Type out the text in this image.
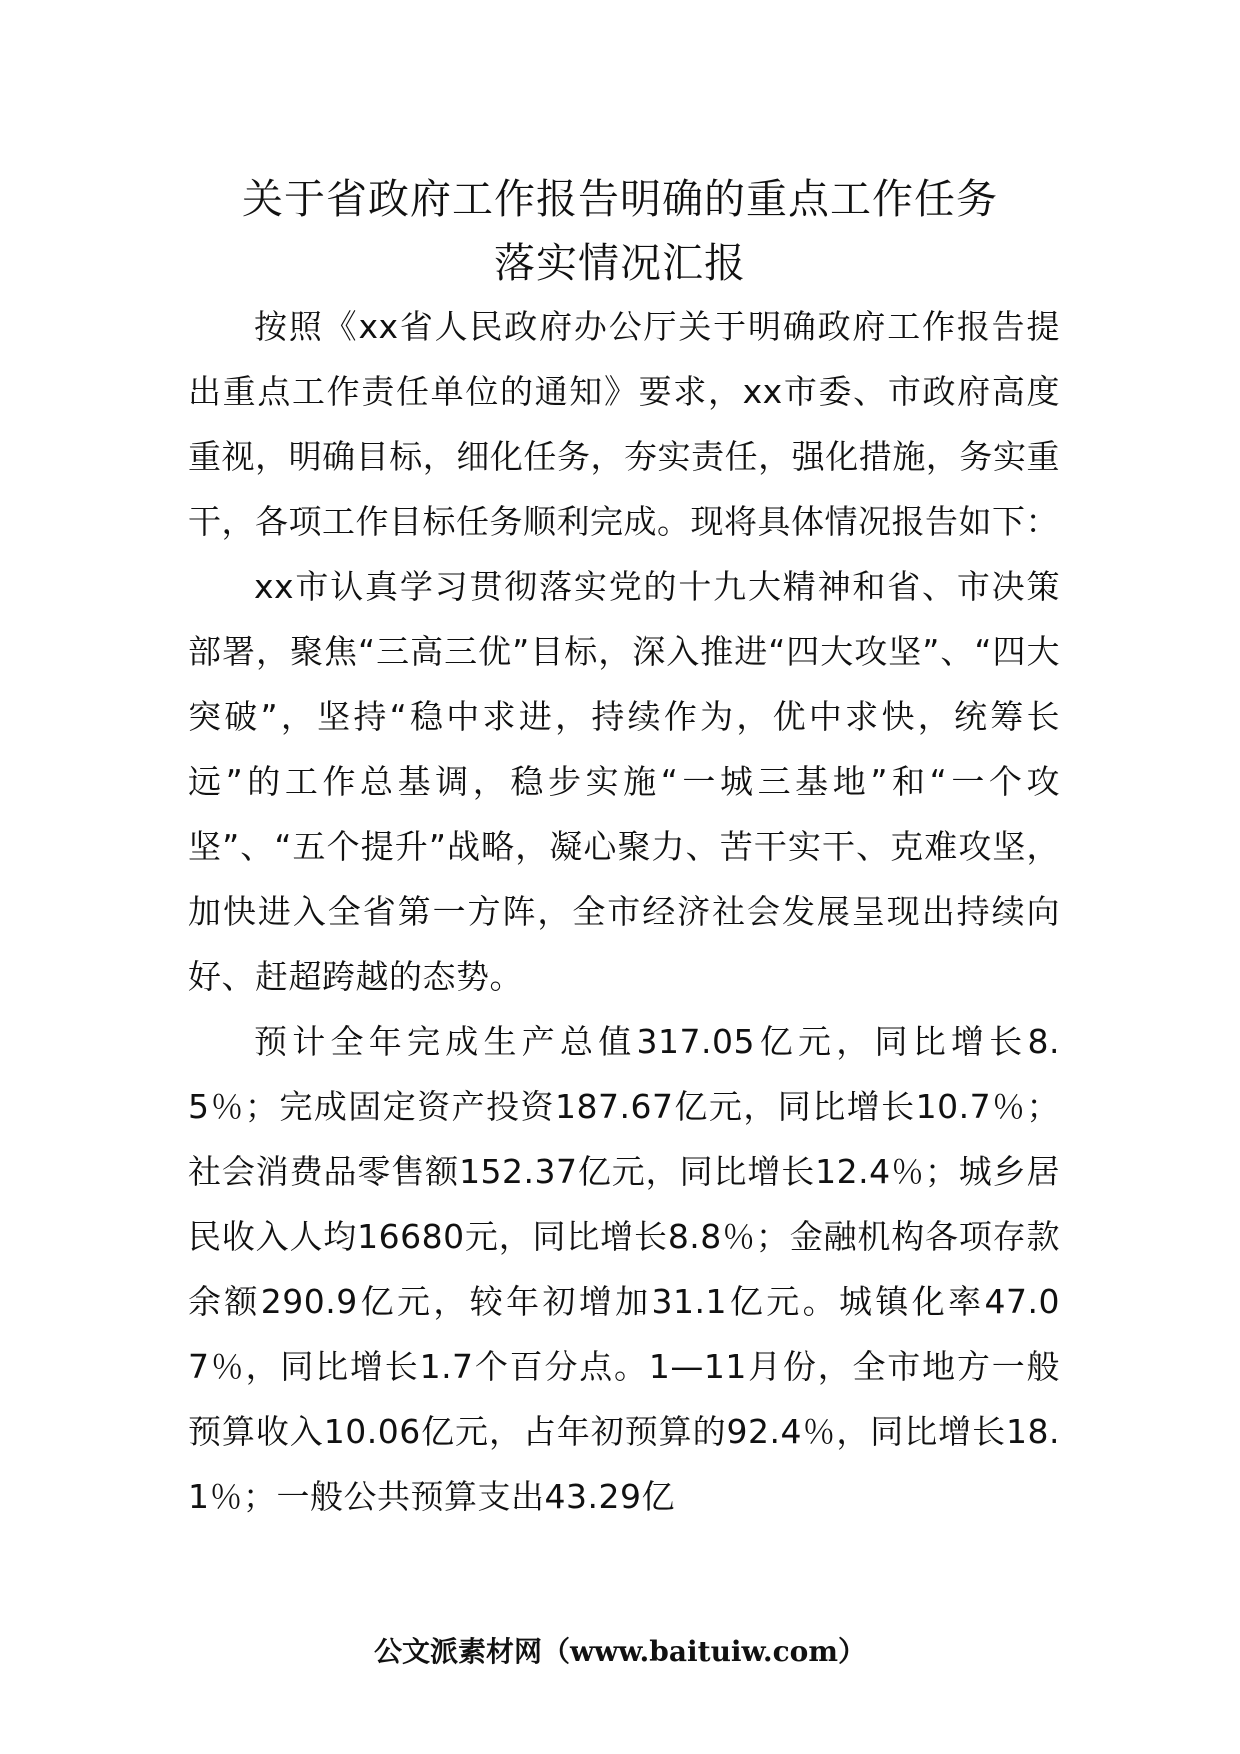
关于省政府工作报告明确的重点工作任务
落实情况汇报

按照《xx省人民政府办公厅关于明确政府工作报告提出重点工作责任单位的通知》要求，xx市委、市政府高度重视，明确目标，细化任务，夯实责任，强化措施，务实重干，各项工作目标任务顺利完成。现将具体情况报告如下：

xx市认真学习贯彻落实党的十九大精神和省、市决策部署，聚焦“三高三优”目标，深入推进“四大攻坚”、“四大突破”，坚持“稳中求进，持续作为，优中求快，统筹长远”的工作总基调，稳步实施“一城三基地”和“一个攻坚”、“五个提升”战略，凝心聚力、苦干实干、克难攻坚，加快进入全省第一方阵，全市经济社会发展呈现出持续向好、赶超跨越的态势。

预计全年完成生产总值317.05亿元，同比增长8.5％；完成固定资产投资187.67亿元，同比增长10.7％；社会消费品零售额152.37亿元，同比增长12.4％；城乡居民收入人均16680元，同比增长8.8％；金融机构各项存款余额290.9亿元，较年初增加31.1亿元。城镇化率47.07％，同比增长1.7个百分点。1—11月份，全市地方一般预算收入10.06亿元，占年初预算的92.4％，同比增长18.1％；一般公共预算支出43.29亿

公文派素材网（www.baituiw.com）
